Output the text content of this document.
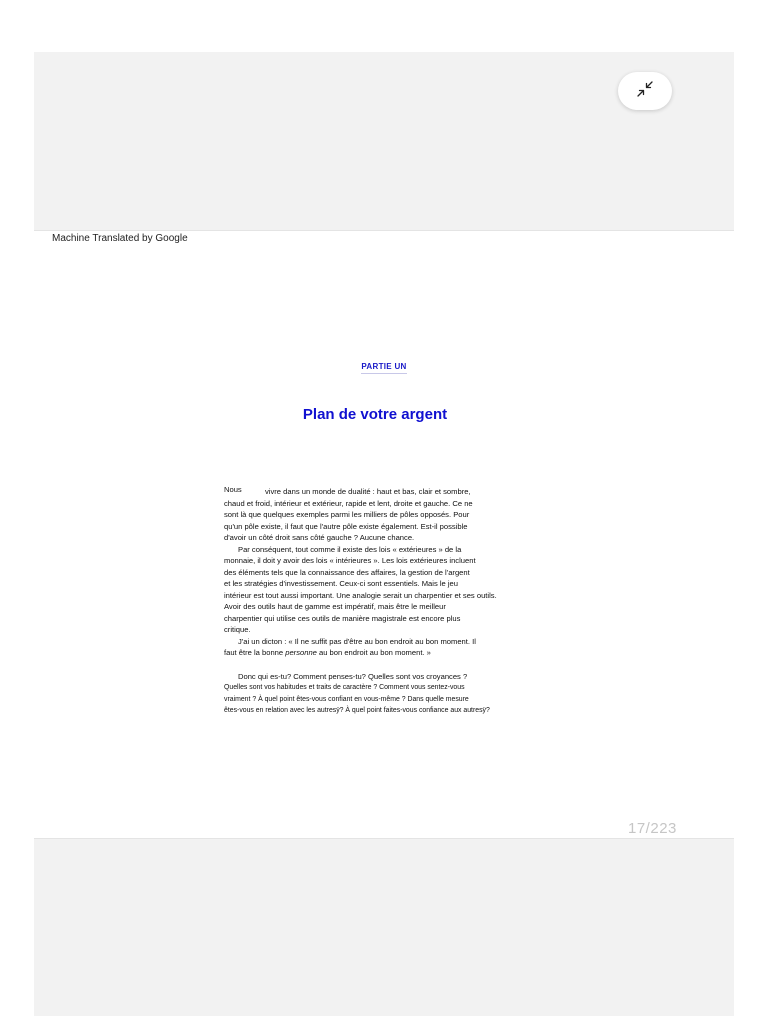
Machine Translated by Google
PARTIE UN
Plan de votre argent
Nous	vivre dans un monde de dualité : haut et bas, clair et sombre,
chaud et froid, intérieur et extérieur, rapide et lent, droite et gauche. Ce ne
sont là que quelques exemples parmi les milliers de pôles opposés. Pour
qu'un pôle existe, il faut que l'autre pôle existe également. Est-il possible
d'avoir un côté droit sans côté gauche ? Aucune chance.
Par conséquent, tout comme il existe des lois « extérieures » de la
monnaie, il doit y avoir des lois « intérieures ». Les lois extérieures incluent
des éléments tels que la connaissance des affaires, la gestion de l'argent
et les stratégies d'investissement. Ceux-ci sont essentiels. Mais le jeu
intérieur est tout aussi important. Une analogie serait un charpentier et ses outils.
Avoir des outils haut de gamme est impératif, mais être le meilleur
charpentier qui utilise ces outils de manière magistrale est encore plus
critique.
J'ai un dicton : « Il ne suffit pas d'être au bon endroit au bon moment. Il
faut être la bonne personne au bon endroit au bon moment. »
Donc qui es-tu? Comment penses-tu? Quelles sont vos croyances ?
Quelles sont vos habitudes et traits de caractère ? Comment vous sentez-vous
vraiment ? À quel point êtes-vous confiant en vous-même ? Dans quelle mesure
êtes-vous en relation avec les autresÿ? À quel point faites-vous confiance aux autresÿ?
17/223
